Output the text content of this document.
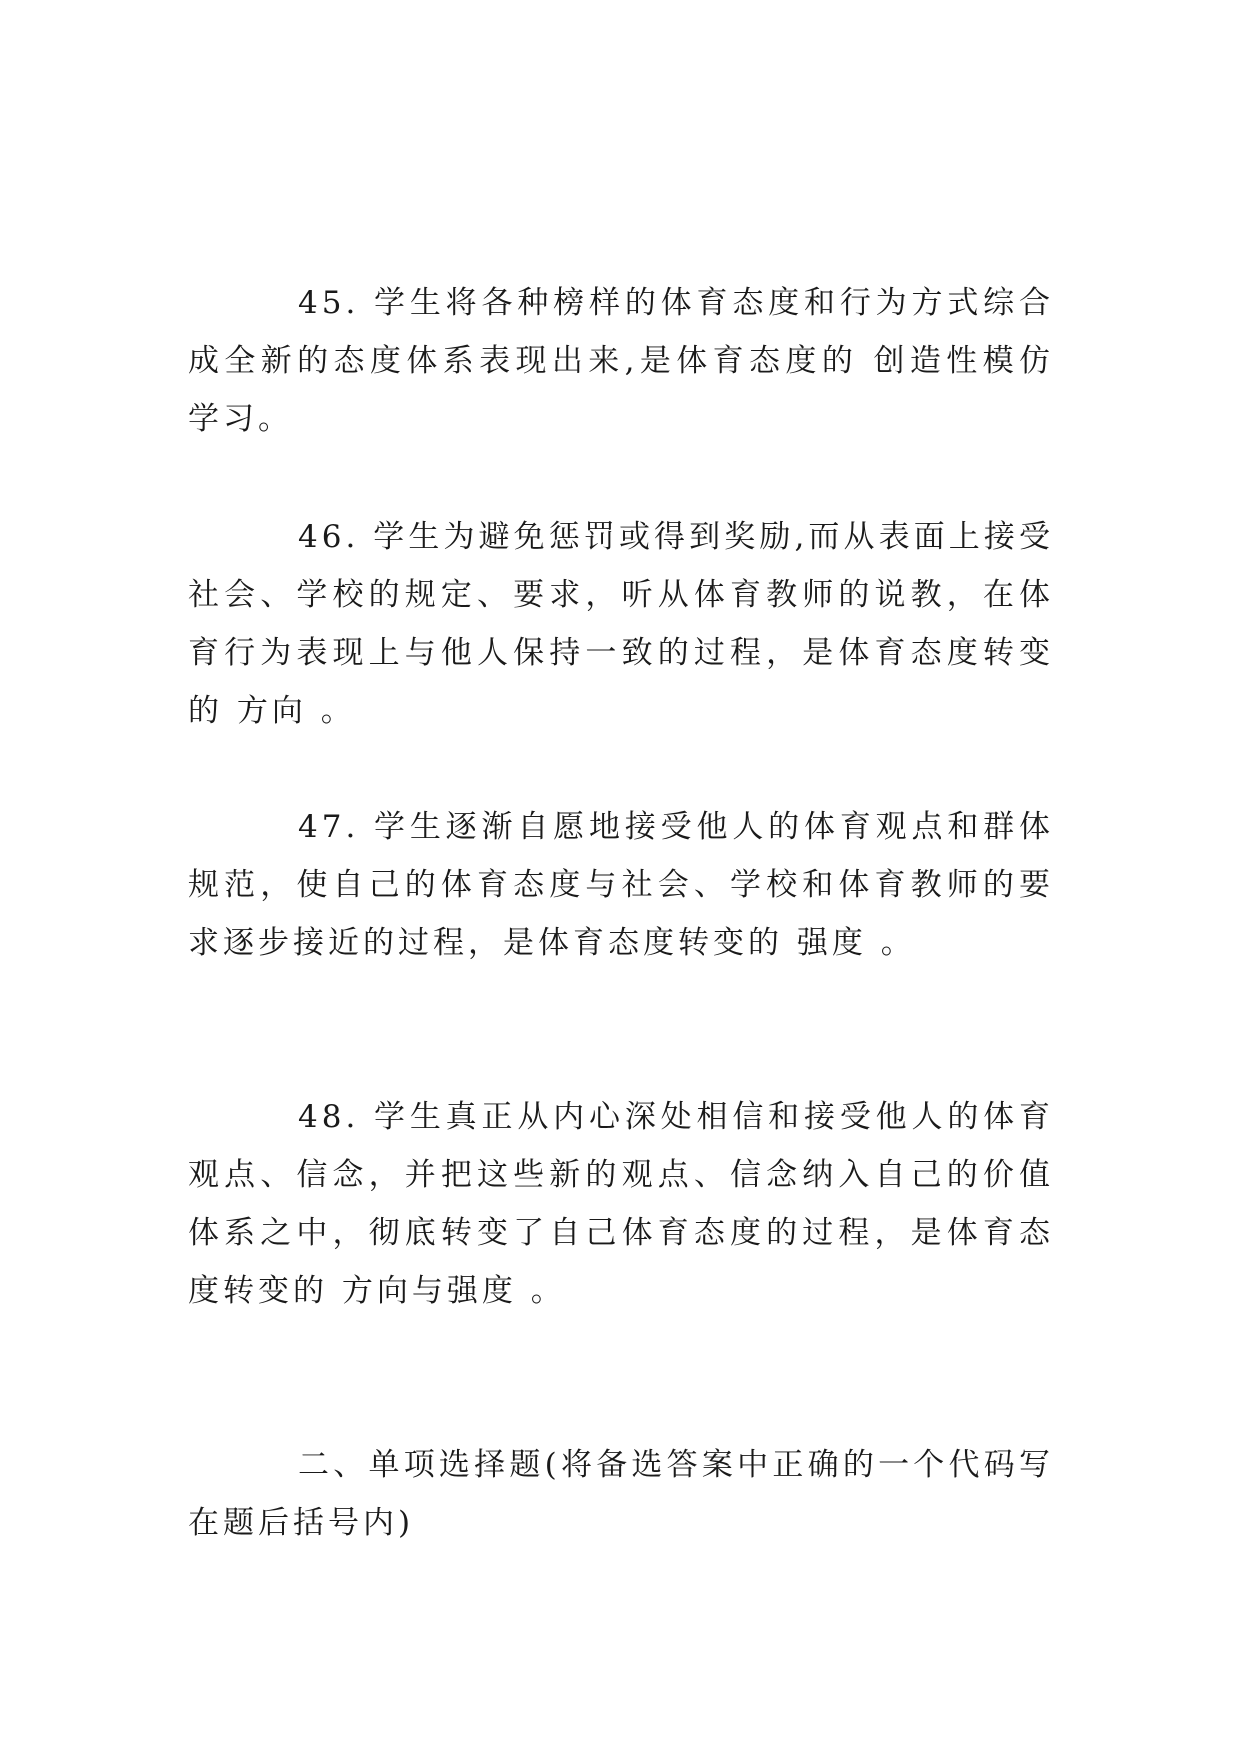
45. 学生将各种榜样的体育态度和行为方式综合成全新的态度体系表现出来,是体育态度的 创造性模仿 学习。

46. 学生为避免惩罚或得到奖励,而从表面上接受社会、学校的规定、要求，听从体育教师的说教，在体育行为表现上与他人保持一致的过程，是体育态度转变的 方向 。

47. 学生逐渐自愿地接受他人的体育观点和群体规范，使自己的体育态度与社会、学校和体育教师的要求逐步接近的过程，是体育态度转变的 强度 。

48. 学生真正从内心深处相信和接受他人的体育观点、信念，并把这些新的观点、信念纳入自己的价值体系之中，彻底转变了自己体育态度的过程，是体育态度转变的 方向与强度 。

二、单项选择题(将备选答案中正确的一个代码写在题后括号内)
